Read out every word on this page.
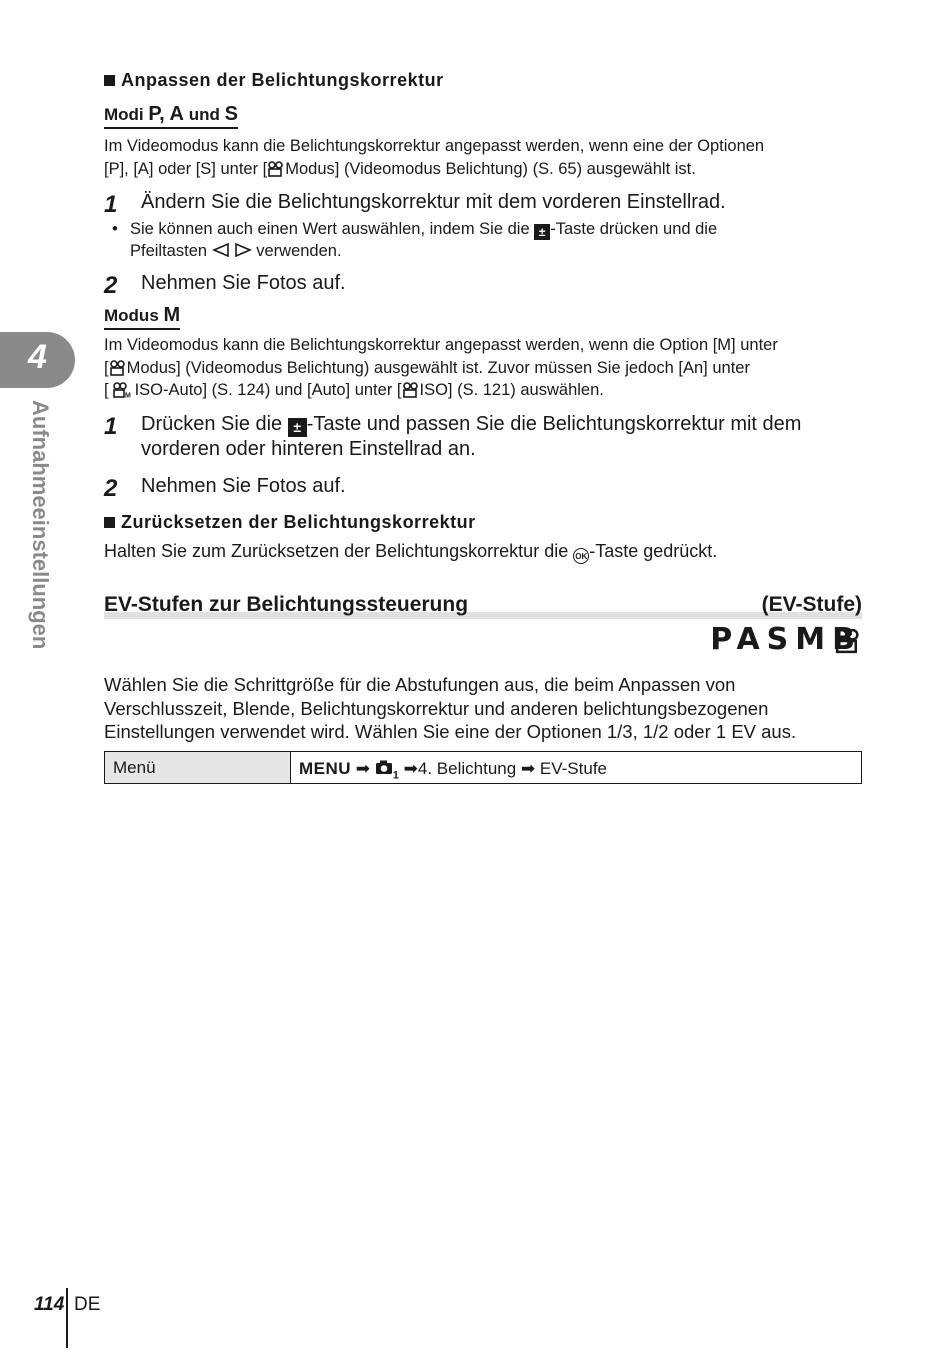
4
Aufnahmeeinstellungen
Anpassen der Belichtungskorrektur
Modi P, A und S

Im Videomodus kann die Belichtungskorrektur angepasst werden, wenn eine der Optionen
[P], [A] oder [S] unter [ Modus] (Videomodus Belichtung) (S. 65) ausgewählt ist.

1 Ändern Sie die Belichtungskorrektur mit dem vorderen Einstellrad.
• Sie können auch einen Wert auswählen, indem Sie die ± -Taste drücken und die
Pfeiltasten	verwenden.
2 Nehmen Sie Fotos auf.
Modus M

Im Videomodus kann die Belichtungskorrektur angepasst werden, wenn die Option [M] unter
[ Modus] (Videomodus Belichtung) ausgewählt ist. Zuvor müssen Sie jedoch [An] unter
[ M ISO-Auto] (S. 124) und [Auto] unter [ ISO] (S. 121) auswählen.

1 Drücken Sie die ± -Taste und passen Sie die Belichtungskorrektur mit dem
vorderen oder hinteren Einstellrad an.
2 Nehmen Sie Fotos auf.
Zurücksetzen der Belichtungskorrektur

Halten Sie zum Zurücksetzen der Belichtungskorrektur die OK -Taste gedrückt.

EV-Stufen zur Belichtungssteuerung	(EV-Stufe)
PASMB

Wählen Sie die Schrittgröße für die Abstufungen aus, die beim Anpassen von
Verschlusszeit, Blende, Belichtungskorrektur und anderen belichtungsbezogenen
Einstellungen verwendet wird. Wählen Sie eine der Optionen 1/3, 1/2 oder 1 EV aus.

Menü	MENU ➡ $_1$ ➡4. Belichtung ➡ EV-Stufe
114 DE
